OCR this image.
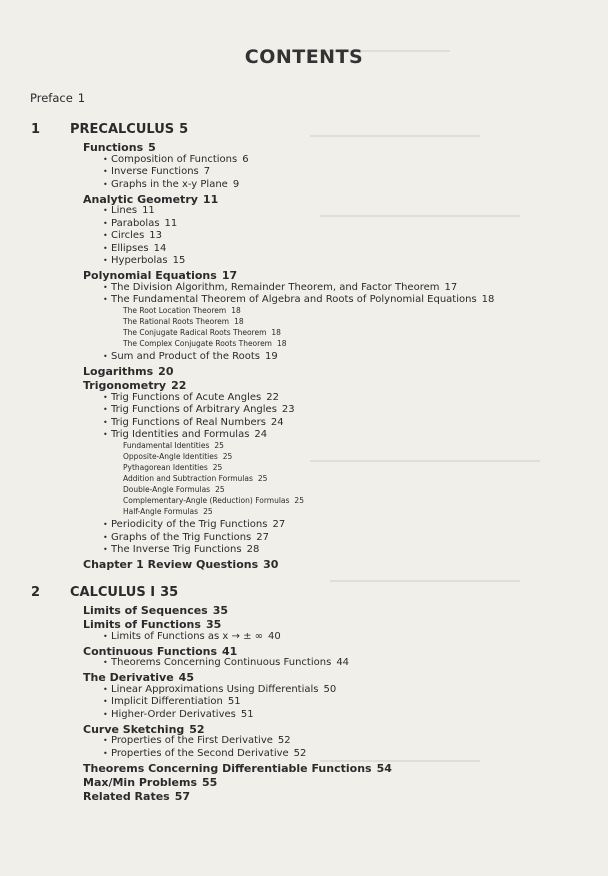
CONTENTS
Preface 1
1 PRECALCULUS 5
Functions 5
• Composition of Functions 6
• Inverse Functions 7
• Graphs in the x-y Plane 9
Analytic Geometry 11
• Lines 11
• Parabolas 11
• Circles 13
• Ellipses 14
• Hyperbolas 15
Polynomial Equations 17
• The Division Algorithm, Remainder Theorem, and Factor Theorem 17
• The Fundamental Theorem of Algebra and Roots of Polynomial Equations 18
The Root Location Theorem 18
The Rational Roots Theorem 18
The Conjugate Radical Roots Theorem 18
The Complex Conjugate Roots Theorem 18
• Sum and Product of the Roots 19
Logarithms 20
Trigonometry 22
• Trig Functions of Acute Angles 22
• Trig Functions of Arbitrary Angles 23
• Trig Functions of Real Numbers 24
• Trig Identities and Formulas 24
Fundamental Identities 25
Opposite-Angle Identities 25
Pythagorean Identities 25
Addition and Subtraction Formulas 25
Double-Angle Formulas 25
Complementary-Angle (Reduction) Formulas 25
Half-Angle Formulas 25
• Periodicity of the Trig Functions 27
• Graphs of the Trig Functions 27
• The Inverse Trig Functions 28
Chapter 1 Review Questions 30
2 CALCULUS I 35
Limits of Sequences 35
Limits of Functions 35
• Limits of Functions as x → ± ∞ 40
Continuous Functions 41
• Theorems Concerning Continuous Functions 44
The Derivative 45
• Linear Approximations Using Differentials 50
• Implicit Differentiation 51
• Higher-Order Derivatives 51
Curve Sketching 52
• Properties of the First Derivative 52
• Properties of the Second Derivative 52
Theorems Concerning Differentiable Functions 54
Max/Min Problems 55
Related Rates 57
